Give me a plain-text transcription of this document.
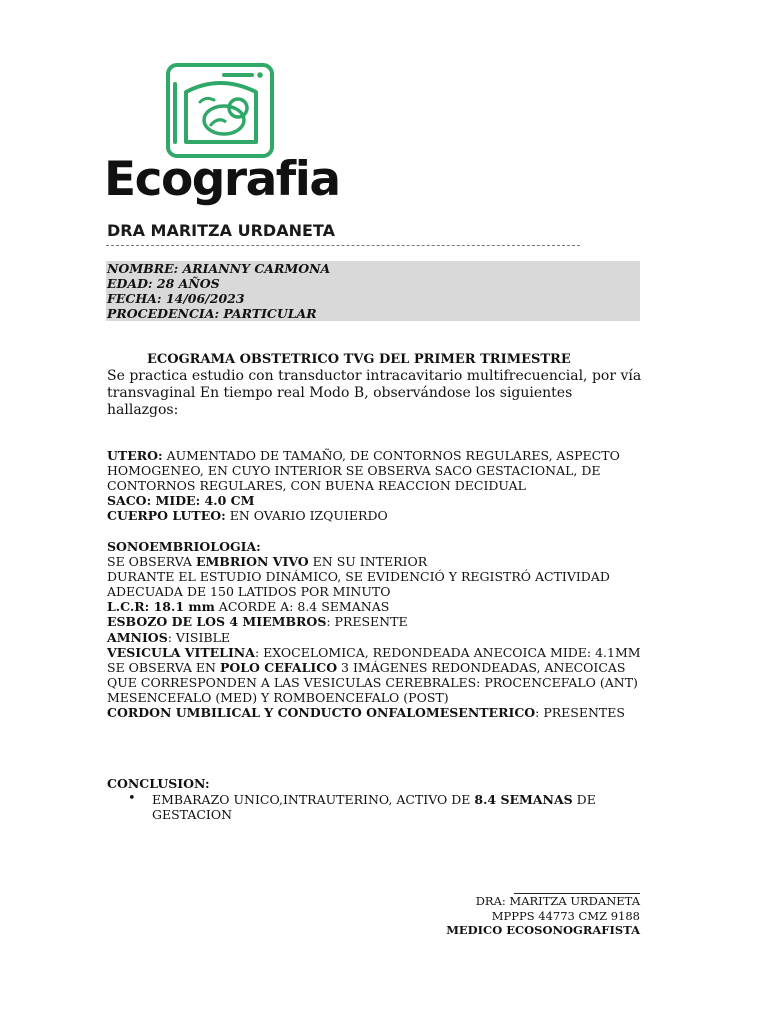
Ecografia
DRA MARITZA URDANETA
NOMBRE: ARIANNY CARMONA
EDAD: 28 AÑOS
FECHA: 14/06/2023
PROCEDENCIA: PARTICULAR
ECOGRAMA OBSTETRICO TVG DEL PRIMER TRIMESTRE
Se practica estudio con transductor intracavitario multifrecuencial, por vía transvaginal En tiempo real Modo B, observándose los siguientes hallazgos:
UTERO: AUMENTADO DE TAMAÑO, DE CONTORNOS REGULARES, ASPECTO HOMOGENEO, EN CUYO INTERIOR SE OBSERVA SACO GESTACIONAL, DE CONTORNOS REGULARES, CON BUENA REACCION DECIDUAL
SACO: MIDE: 4.0 CM
CUERPO LUTEO: EN OVARIO IZQUIERDO
SONOEMBRIOLOGIA:
SE OBSERVA EMBRION VIVO EN SU INTERIOR
DURANTE EL ESTUDIO DINÁMICO, SE EVIDENCIÓ Y REGISTRÓ ACTIVIDAD ADECUADA DE 150 LATIDOS POR MINUTO
L.C.R: 18.1 mm ACORDE A: 8.4 SEMANAS
ESBOZO DE LOS 4 MIEMBROS: PRESENTE
AMNIOS: VISIBLE
VESICULA VITELINA: EXOCELOMICA, REDONDEADA ANECOICA MIDE: 4.1MM
SE OBSERVA EN POLO CEFALICO 3 IMÁGENES REDONDEADAS, ANECOICAS QUE CORRESPONDEN A LAS VESICULAS CEREBRALES: PROCENCEFALO (ANT) MESENCEFALO (MED) Y ROMBOENCEFALO (POST)
CORDON UMBILICAL Y CONDUCTO ONFALOMESENTERICO: PRESENTES
CONCLUSION:
• EMBARAZO UNICO,INTRAUTERINO, ACTIVO DE 8.4 SEMANAS DE GESTACION
DRA: MARITZA URDANETA
MPPPS 44773 CMZ 9188
MEDICO ECOSONOGRAFISTA
